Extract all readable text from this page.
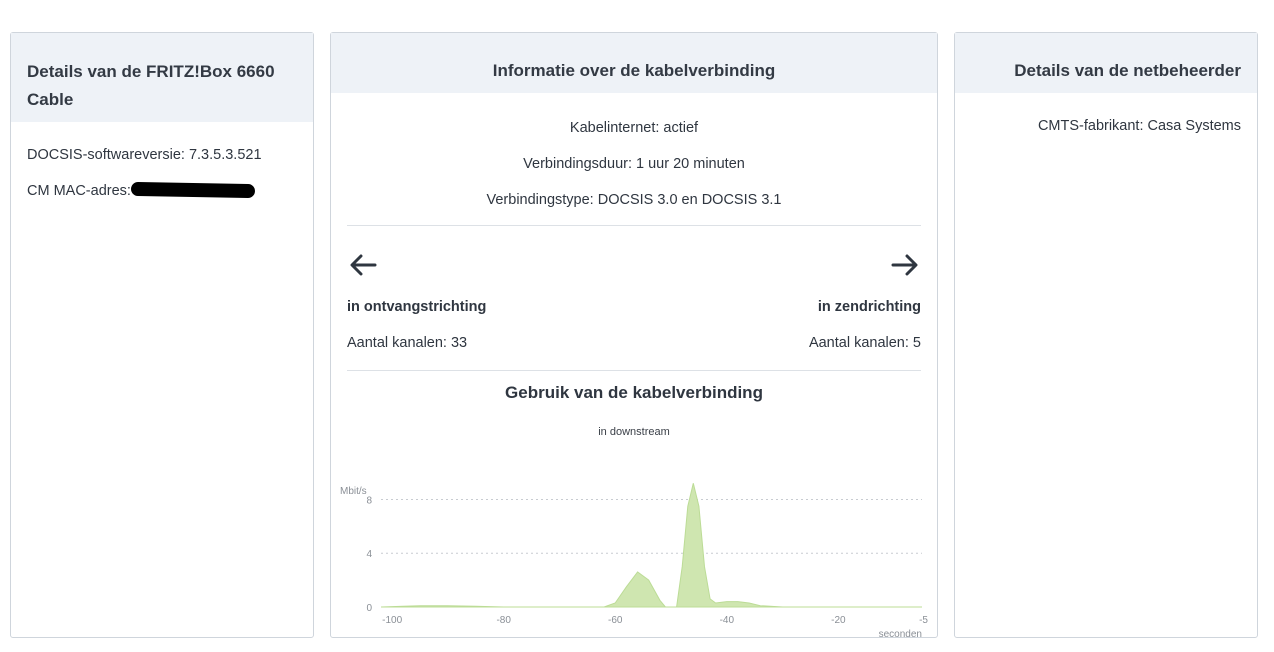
Details van de FRITZ!Box 6660 Cable
DOCSIS-softwareversie: 7.3.5.3.521
CM MAC-adres:
Informatie over de kabelverbinding
Kabelinternet: actief
Verbindingsduur: 1 uur 20 minuten
Verbindingstype: DOCSIS 3.0 en DOCSIS 3.1
in ontvangstrichting	in zendrichting
Aantal kanalen: 33	Aantal kanalen: 5
Gebruik van de kabelverbinding
in downstream
Mbit/s
0
4
8
-100	-80	-60	-40	-20	-5
seconden
Details van de netbeheerder
CMTS-fabrikant: Casa Systems
